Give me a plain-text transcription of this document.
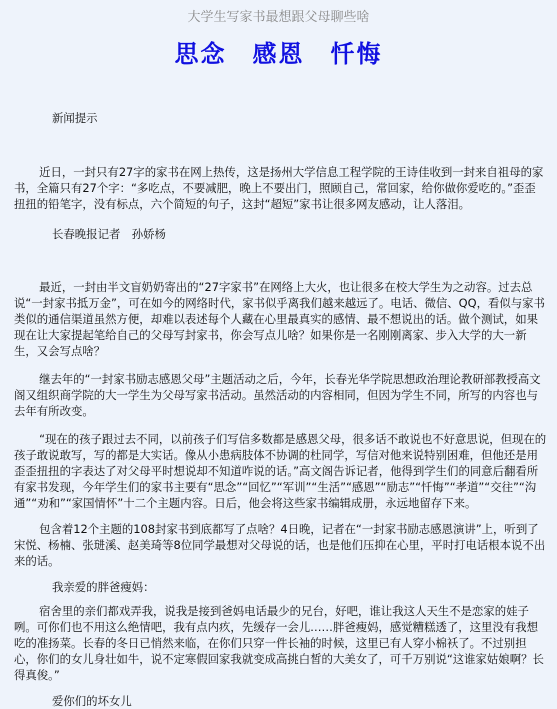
大学生写家书最想跟父母聊些啥
思念　感恩　忏悔
新闻提示

近日，一封只有27字的家书在网上热传，这是扬州大学信息工程学院的王诗佳收到一封来自祖母的家书，全篇只有27个字：“多吃点，不要减肥，晚上不要出门，照顾自己，常回家，给你做你爱吃的。”歪歪扭扭的铅笔字，没有标点，六个简短的句子，这封“超短”家书让很多网友感动，让人落泪。

长春晚报记者　孙娇杨

最近，一封由半文盲奶奶寄出的“27字家书”在网络上大火，也让很多在校大学生为之动容。过去总说“一封家书抵万金”，可在如今的网络时代，家书似乎离我们越来越远了。电话、微信、QQ，看似与家书类似的通信渠道虽然方便，却难以表述每个人藏在心里最真实的感情、最不想说出的话。做个测试，如果现在让大家提起笔给自己的父母写封家书，你会写点儿啥？如果你是一名刚刚离家、步入大学的大一新生，又会写点啥？

继去年的“一封家书励志感恩父母”主题活动之后，今年，长春光华学院思想政治理论教研部教授高文阁又组织商学院的大一学生为父母写家书活动。虽然活动的内容相同，但因为学生不同，所写的内容也与去年有所改变。

“现在的孩子跟过去不同，以前孩子们写信多数都是感恩父母，很多话不敢说也不好意思说，但现在的孩子敢说敢写，写的都是大实话。像从小患病肢体不协调的杜同学，写信对他来说特别困难，但他还是用歪歪扭扭的字表达了对父母平时想说却不知道咋说的话。”高文阁告诉记者，他得到学生们的同意后翻看所有家书发现，今年学生们的家书主要有“思念”“回忆”“军训”“生活”“感恩”“励志”“忏悔”“孝道”“交往”“沟通”“劝和”“家国情怀”十二个主题内容。日后，他会将这些家书编辑成册，永远地留存下来。

包含着12个主题的108封家书到底都写了点啥？4日晚，记者在“一封家书励志感恩演讲”上，听到了宋悦、杨楠、张琎溪、赵美琦等8位同学最想对父母说的话，也是他们压抑在心里，平时打电话根本说不出来的话。

我亲爱的胖爸瘦妈：

宿舍里的亲们都戏弄我，说我是接到爸妈电话最少的兄台，好吧，谁让我这人天生不是恋家的娃子咧。可你们也不用这么绝情吧，我有点内疚，先缓存一会儿……胖爸瘦妈，感觉糟糕透了，这里没有我想吃的准扬菜。长春的冬日已悄然来临，在你们只穿一件长袖的时候，这里已有人穿小棉袄了。不过别担心，你们的女儿身壮如牛，说不定寒假回家我就变成高挑白皙的大美女了，可千万别说“这谁家姑娘啊？长得真俊。”

爱你们的坏女儿
